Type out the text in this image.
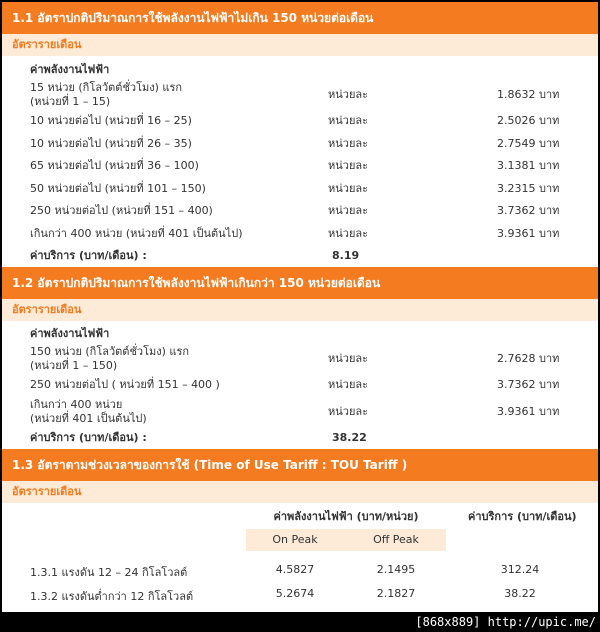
1.1 อัตราปกติปริมาณการใช้พลังงานไฟฟ้าไม่เกิน 150 หน่วยต่อเดือน
อัตรารายเดือน
ค่าพลังงานไฟฟ้า
15 หน่วย (กิโลวัตต์ชั่วโมง) แรก
(หน่วยที่ 1 – 15)
หน่วยละ	1.8632 บาท
10 หน่วยต่อไป (หน่วยที่ 16 – 25)	หน่วยละ	2.5026 บาท
10 หน่วยต่อไป (หน่วยที่ 26 – 35)	หน่วยละ	2.7549 บาท
65 หน่วยต่อไป (หน่วยที่ 36 – 100)	หน่วยละ	3.1381 บาท
50 หน่วยต่อไป (หน่วยที่ 101 – 150)	หน่วยละ	3.2315 บาท
250 หน่วยต่อไป (หน่วยที่ 151 – 400)	หน่วยละ	3.7362 บาท
เกินกว่า 400 หน่วย (หน่วยที่ 401 เป็นต้นไป)	หน่วยละ	3.9361 บาท
ค่าบริการ (บาท/เดือน) :	8.19
1.2 อัตราปกติปริมาณการใช้พลังงานไฟฟ้าเกินกว่า 150 หน่วยต่อเดือน
อัตรารายเดือน
ค่าพลังงานไฟฟ้า
150 หน่วย (กิโลวัตต์ชั่วโมง) แรก
(หน่วยที่ 1 – 150)
หน่วยละ	2.7628 บาท
250 หน่วยต่อไป ( หน่วยที่ 151 – 400 )	หน่วยละ	3.7362 บาท
เกินกว่า 400 หน่วย
(หน่วยที่ 401 เป็นต้นไป)
หน่วยละ	3.9361 บาท
ค่าบริการ (บาท/เดือน) :	38.22
1.3 อัตราตามช่วงเวลาของการใช้ (Time of Use Tariff : TOU Tariff )
อัตรารายเดือน
ค่าพลังงานไฟฟ้า (บาท/หน่วย)	ค่าบริการ (บาท/เดือน)
On Peak	Off Peak
1.3.1 แรงดัน 12 – 24 กิโลโวลต์	4.5827	2.1495	312.24
1.3.2 แรงดันต่ำกว่า 12 กิโลโวลต์	5.2674	2.1827	38.22
[868x889] http://upic.me/
